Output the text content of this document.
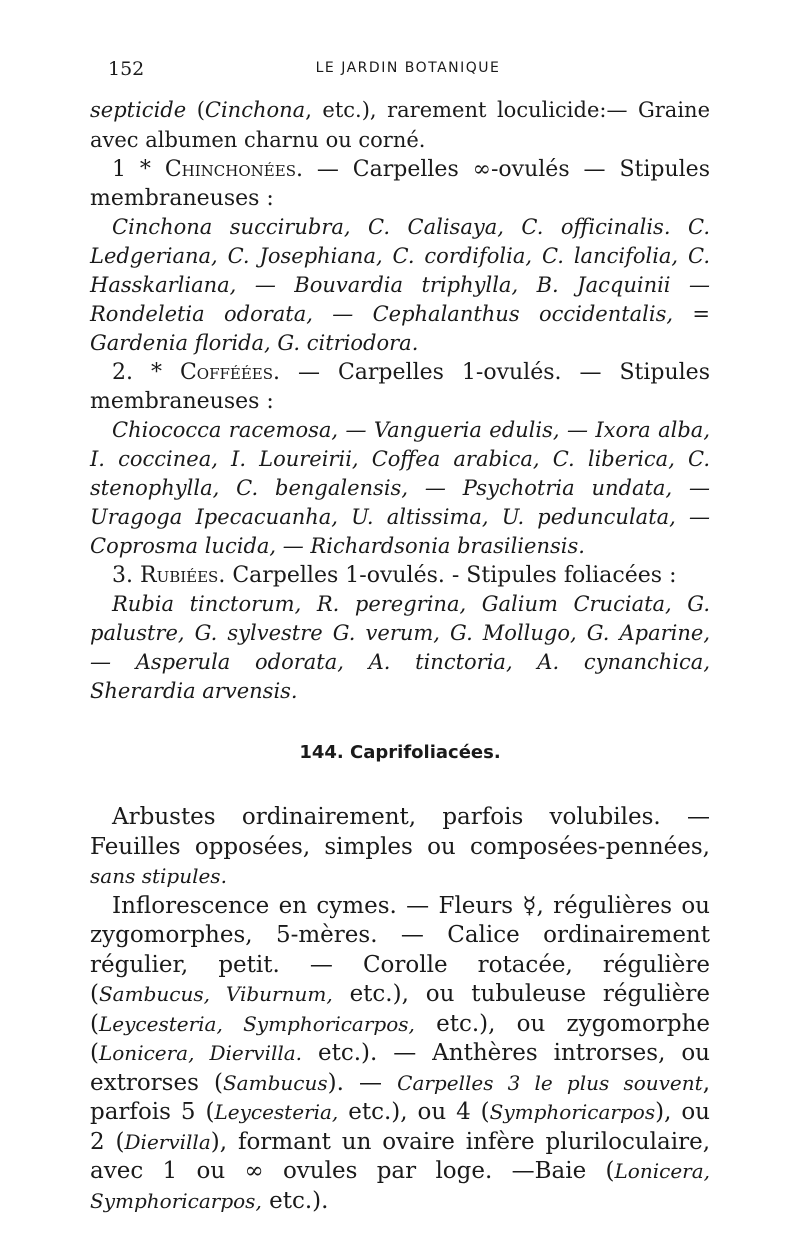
152	LE JARDIN BOTANIQUE

septicide (Cinchona, etc.), rarement loculicide:— Graine avec albumen charnu ou corné.

1 * Chinchonées. — Carpelles ∞-ovulés — Stipules membraneuses :

Cinchona succirubra, C. Calisaya, C. officinalis. C. Ledgeriana, C. Josephiana, C. cordifolia, C. lancifolia, C. Hasskarliana, — Bouvardia triphylla, B. Jacquinii — Rondeletia odorata, — Cephalanthus occidentalis, = Gardenia florida, G. citriodora.

2. * Cofféées. — Carpelles 1-ovulés. — Stipules membraneuses :

Chiococca racemosa, — Vangueria edulis, — Ixora alba, I. coccinea, I. Loureirii, Coffea arabica, C. liberica, C. stenophylla, C. bengalensis, — Psychotria undata, — Uragoga Ipecacuanha, U. altissima, U. pedunculata, — Coprosma lucida, — Richardsonia brasiliensis.

3. Rubiées. Carpelles 1-ovulés. - Stipules foliacées :

Rubia tinctorum, R. peregrina, Galium Cruciata, G. palustre, G. sylvestre G. verum, G. Mollugo, G. Aparine, — Asperula odorata, A. tinctoria, A. cynanchica, Sherardia arvensis.

144. Caprifoliacées.

Arbustes ordinairement, parfois volubiles. — Feuilles opposées, simples ou composées-pennées, sans stipules.

Inflorescence en cymes. — Fleurs ☿, régulières ou zygomorphes, 5-mères. — Calice ordinairement régulier, petit. — Corolle rotacée, régulière (Sambucus, Viburnum, etc.), ou tubuleuse régulière (Leycesteria, Symphoricarpos, etc.), ou zygomorphe (Lonicera, Diervilla. etc.). — Anthères introrses, ou extrorses (Sambucus). — Carpelles 3 le plus souvent, parfois 5 (Leycesteria, etc.), ou 4 (Symphoricarpos), ou 2 (Diervilla), formant un ovaire infère pluriloculaire, avec 1 ou ∞ ovules par loge. —Baie (Lonicera, Symphoricarpos, etc.).
